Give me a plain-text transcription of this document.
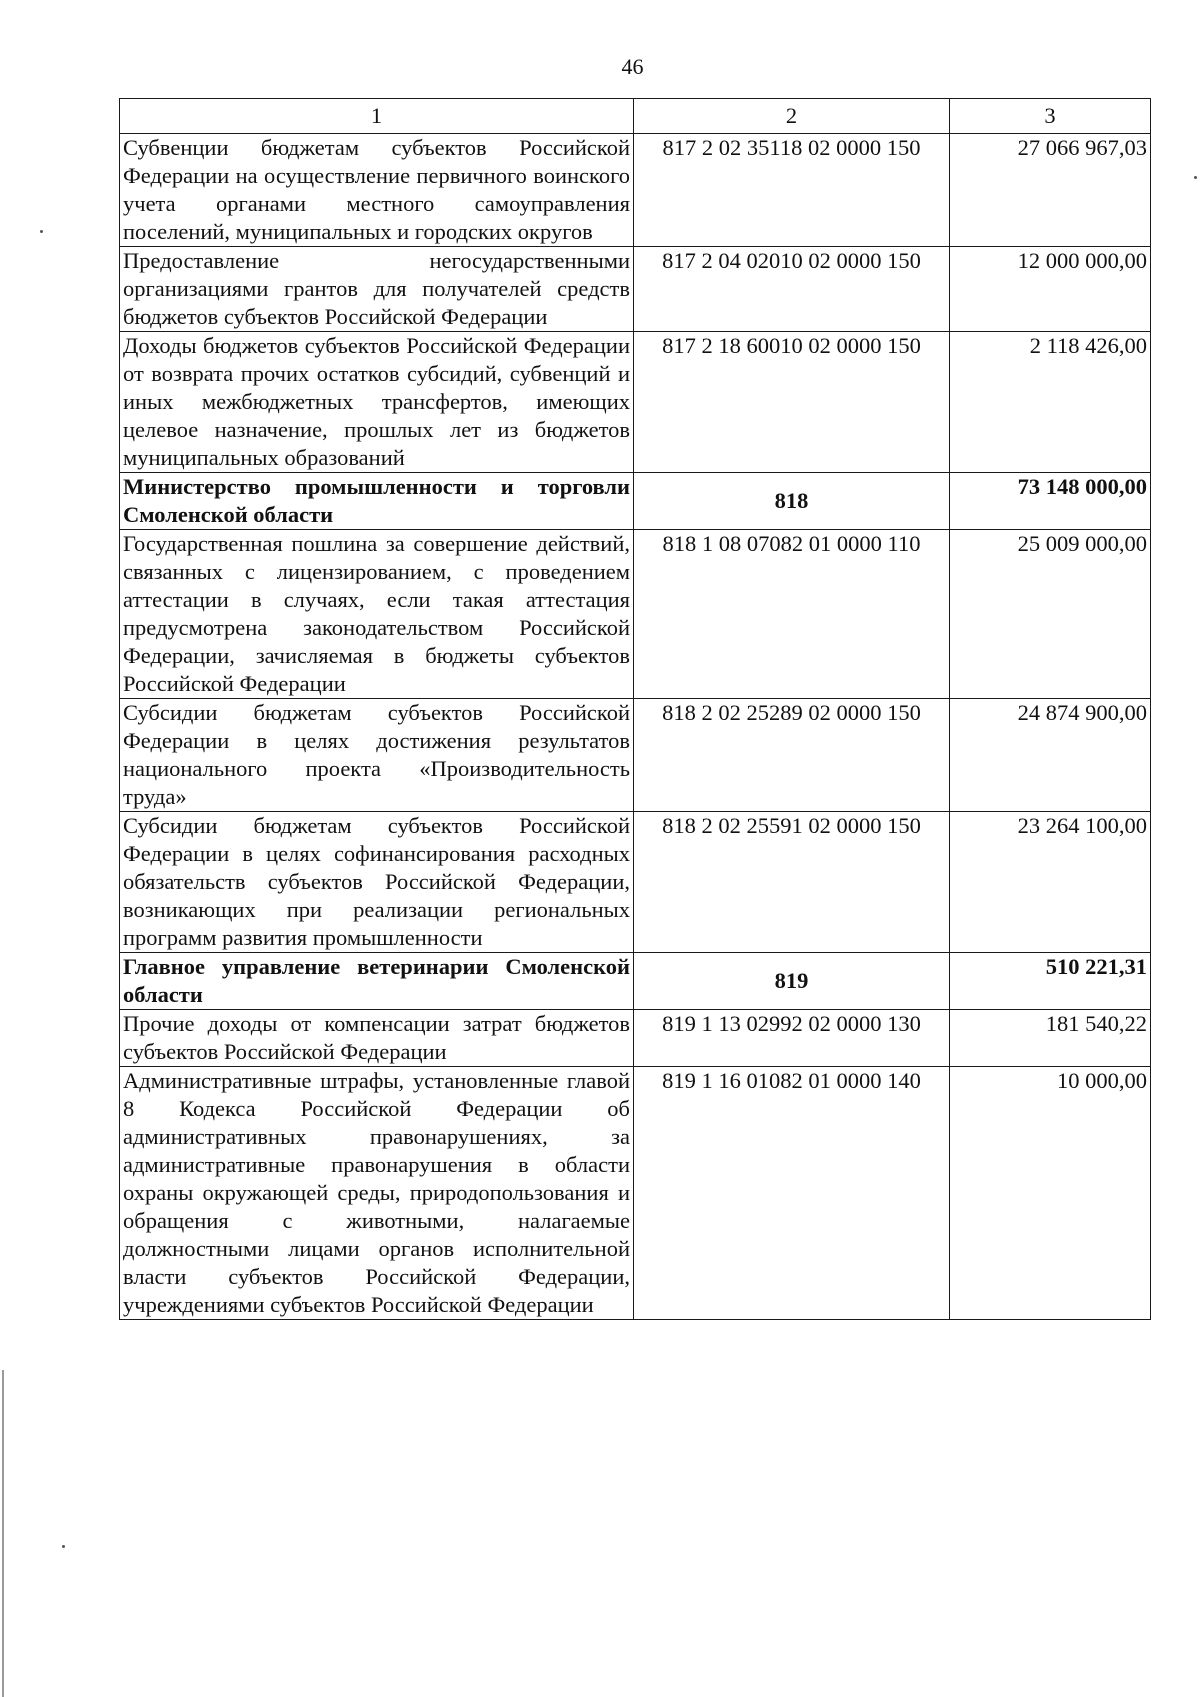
46
1	2	3
Субвенции бюджетам субъектов Российской Федерации на осуществление первичного воинского учета органами местного самоуправления поселений, муниципальных и городских округов	817 2 02 35118 02 0000 150	27 066 967,03
Предоставление негосударственными организациями грантов для получателей средств бюджетов субъектов Российской Федерации	817 2 04 02010 02 0000 150	12 000 000,00
Доходы бюджетов субъектов Российской Федерации от возврата прочих остатков субсидий, субвенций и иных межбюджетных трансфертов, имеющих целевое назначение, прошлых лет из бюджетов муниципальных образований	817 2 18 60010 02 0000 150	2 118 426,00
Министерство промышленности и торговли Смоленской области	818	73 148 000,00
Государственная пошлина за совершение действий, связанных с лицензированием, с проведением аттестации в случаях, если такая аттестация предусмотрена законодательством Российской Федерации, зачисляемая в бюджеты субъектов Российской Федерации	818 1 08 07082 01 0000 110	25 009 000,00
Субсидии бюджетам субъектов Российской Федерации в целях достижения результатов национального проекта «Производительность труда»	818 2 02 25289 02 0000 150	24 874 900,00
Субсидии бюджетам субъектов Российской Федерации в целях софинансирования расходных обязательств субъектов Российской Федерации, возникающих при реализации региональных программ развития промышленности	818 2 02 25591 02 0000 150	23 264 100,00
Главное управление ветеринарии Смоленской области	819	510 221,31
Прочие доходы от компенсации затрат бюджетов субъектов Российской Федерации	819 1 13 02992 02 0000 130	181 540,22
Административные штрафы, установленные главой 8 Кодекса Российской Федерации об административных правонарушениях, за административные правонарушения в области охраны окружающей среды, природопользования и обращения с животными, налагаемые должностными лицами органов исполнительной власти субъектов Российской Федерации, учреждениями субъектов Российской Федерации	819 1 16 01082 01 0000 140	10 000,00
